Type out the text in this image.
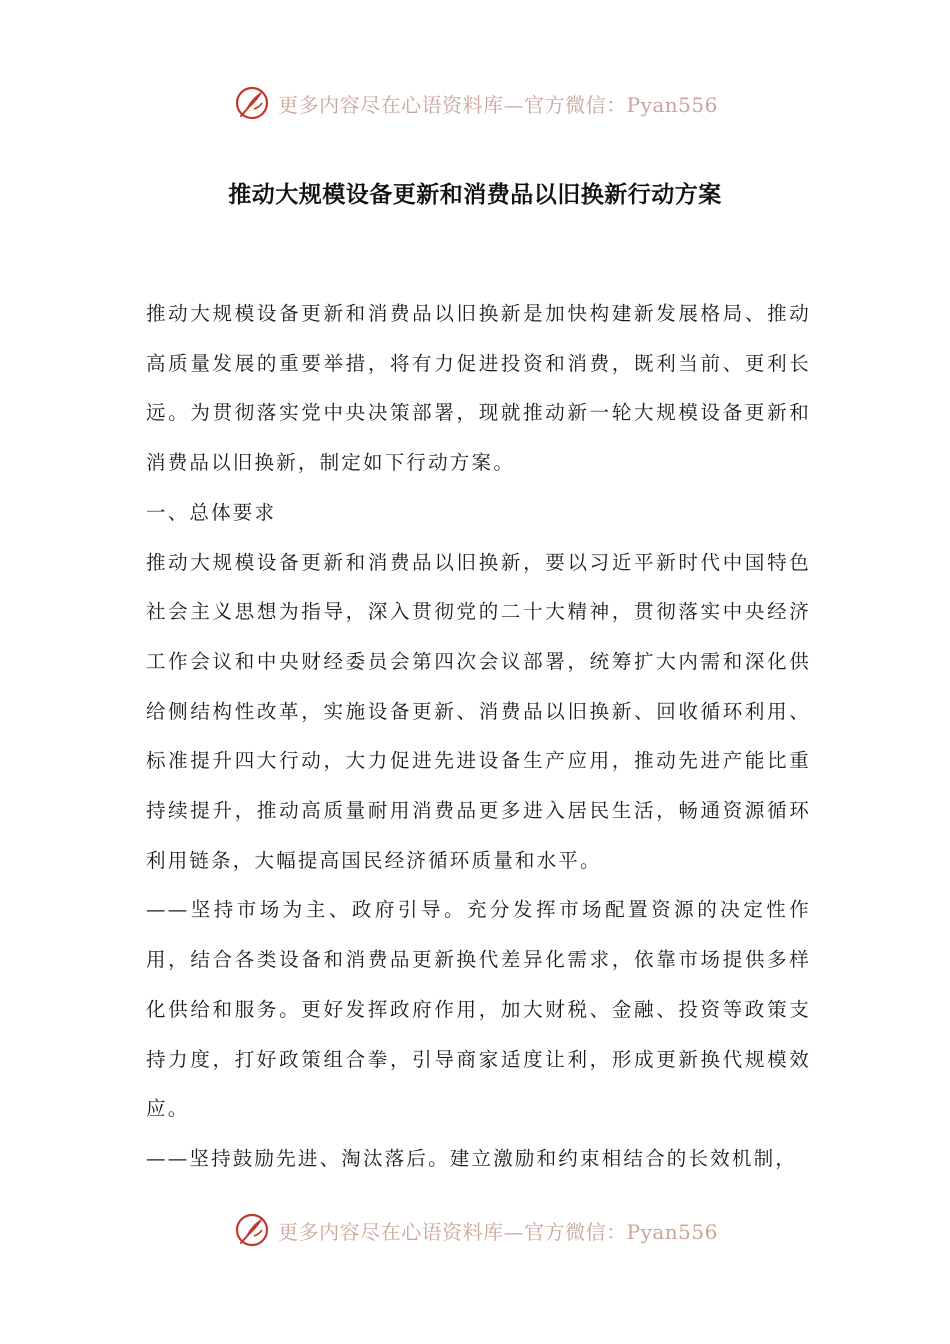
更多内容尽在心语资料库—官方微信：Pyan556
推动大规模设备更新和消费品以旧换新行动方案

推动大规模设备更新和消费品以旧换新是加快构建新发展格局、推动高质量发展的重要举措，将有力促进投资和消费，既利当前、更利长远。为贯彻落实党中央决策部署，现就推动新一轮大规模设备更新和消费品以旧换新，制定如下行动方案。

一、总体要求

推动大规模设备更新和消费品以旧换新，要以习近平新时代中国特色社会主义思想为指导，深入贯彻党的二十大精神，贯彻落实中央经济工作会议和中央财经委员会第四次会议部署，统筹扩大内需和深化供给侧结构性改革，实施设备更新、消费品以旧换新、回收循环利用、标准提升四大行动，大力促进先进设备生产应用，推动先进产能比重持续提升，推动高质量耐用消费品更多进入居民生活，畅通资源循环利用链条，大幅提高国民经济循环质量和水平。

——坚持市场为主、政府引导。充分发挥市场配置资源的决定性作用，结合各类设备和消费品更新换代差异化需求，依靠市场提供多样化供给和服务。更好发挥政府作用，加大财税、金融、投资等政策支持力度，打好政策组合拳，引导商家适度让利，形成更新换代规模效应。

——坚持鼓励先进、淘汰落后。建立激励和约束相结合的长效机制，

更多内容尽在心语资料库—官方微信：Pyan556
